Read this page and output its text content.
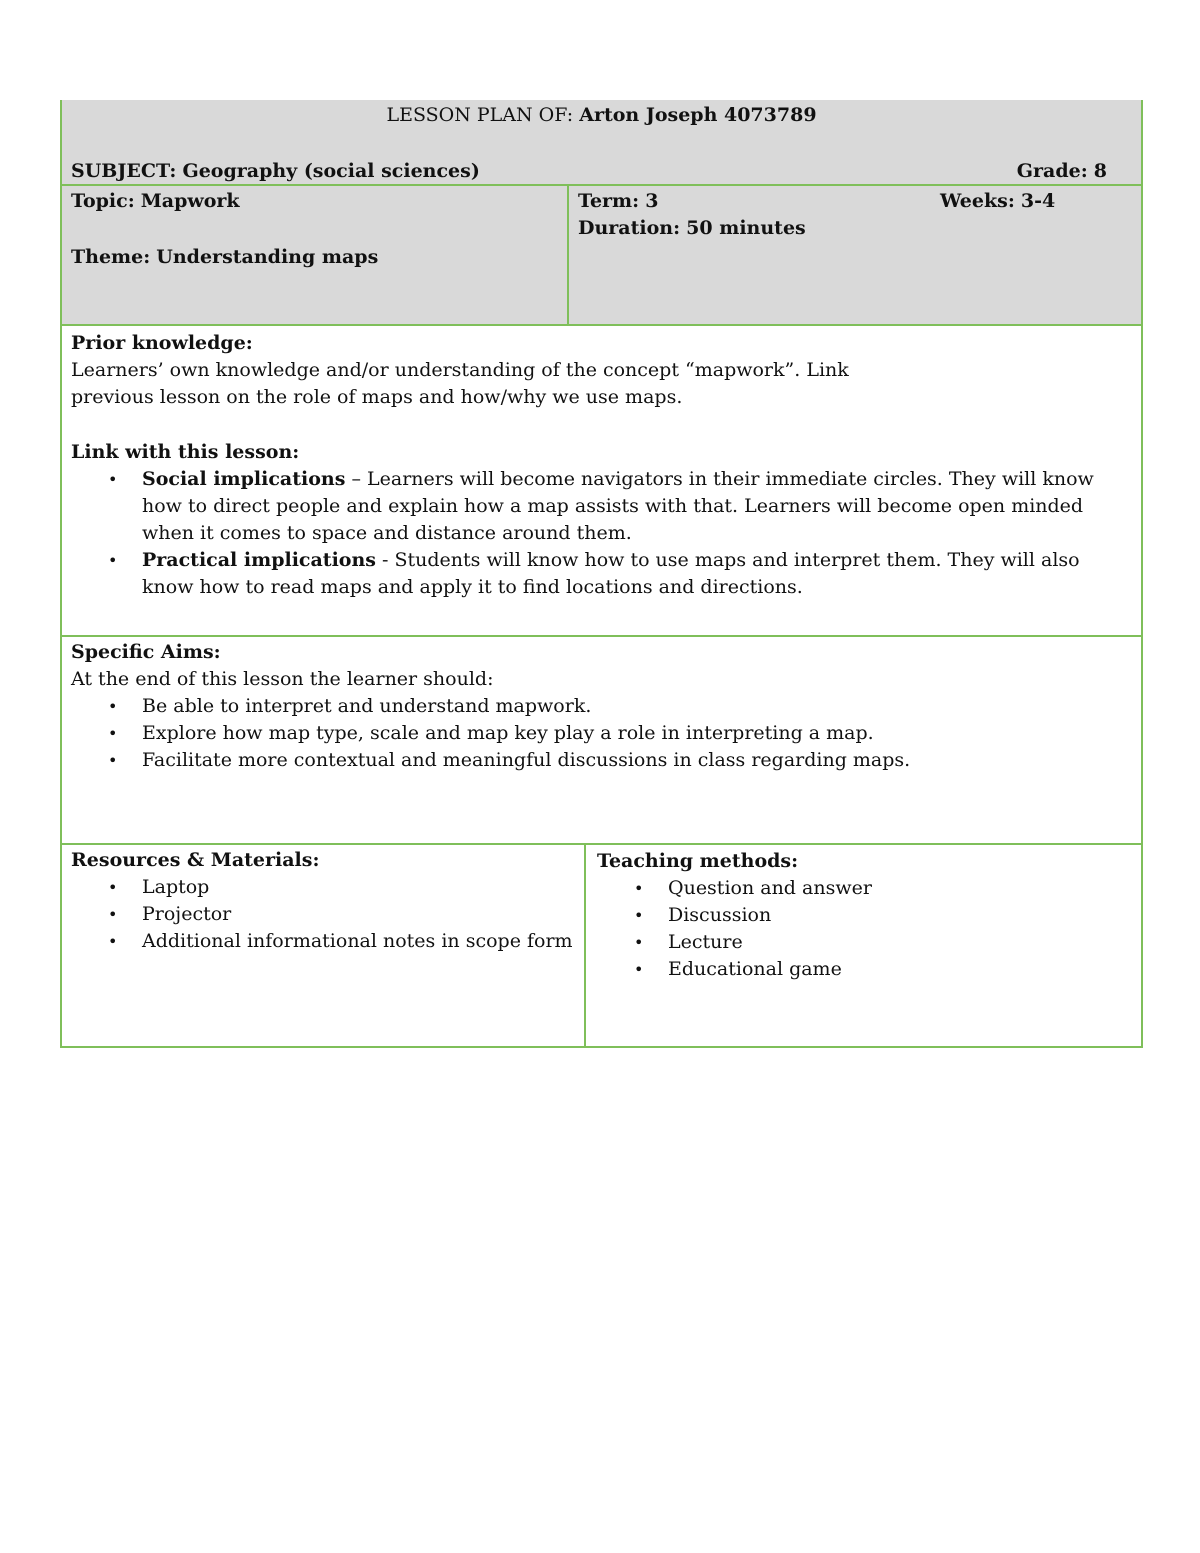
LESSON PLAN OF: Arton Joseph 4073789
SUBJECT: Geography (social sciences)	Grade: 8
Topic: Mapwork
Theme: Understanding maps
Term: 3	Weeks: 3-4
Duration: 50 minutes
Prior knowledge:
Learners’ own knowledge and/or understanding of the concept “mapwork”. Link
previous lesson on the role of maps and how/why we use maps.
Link with this lesson:
• Social implications – Learners will become navigators in their immediate circles. They will know how to direct people and explain how a map assists with that. Learners will become open minded when it comes to space and distance around them.
• Practical implications - Students will know how to use maps and interpret them. They will also know how to read maps and apply it to find locations and directions.
Specific Aims:
At the end of this lesson the learner should:
• Be able to interpret and understand mapwork.
• Explore how map type, scale and map key play a role in interpreting a map.
• Facilitate more contextual and meaningful discussions in class regarding maps.
Resources & Materials:
• Laptop
• Projector
• Additional informational notes in scope form
Teaching methods:
• Question and answer
• Discussion
• Lecture
• Educational game
